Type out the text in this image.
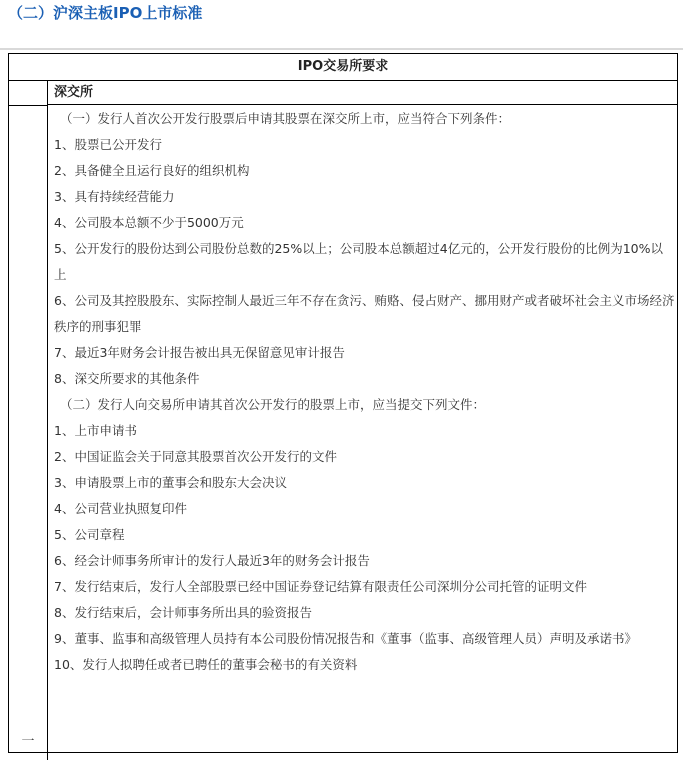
（二）沪深主板IPO上市标准
IPO交易所要求
一
深交所

（一）发行人首次公开发行股票后申请其股票在深交所上市，应当符合下列条件：

1、股票已公开发行

2、具备健全且运行良好的组织机构

3、具有持续经营能力

4、公司股本总额不少于5000万元

5、公开发行的股份达到公司股份总数的25%以上；公司股本总额超过4亿元的，公开发行股份的比例为10%以上

6、公司及其控股股东、实际控制人最近三年不存在贪污、贿赂、侵占财产、挪用财产或者破坏社会主义市场经济秩序的刑事犯罪

7、最近3年财务会计报告被出具无保留意见审计报告

8、深交所要求的其他条件

（二）发行人向交易所申请其首次公开发行的股票上市，应当提交下列文件：

1、上市申请书

2、中国证监会关于同意其股票首次公开发行的文件

3、申请股票上市的董事会和股东大会决议

4、公司营业执照复印件

5、公司章程

6、经会计师事务所审计的发行人最近3年的财务会计报告

7、发行结束后，发行人全部股票已经中国证券登记结算有限责任公司深圳分公司托管的证明文件

8、发行结束后，会计师事务所出具的验资报告

9、董事、监事和高级管理人员持有本公司股份情况报告和《董事（监事、高级管理人员）声明及承诺书》

10、发行人拟聘任或者已聘任的董事会秘书的有关资料
